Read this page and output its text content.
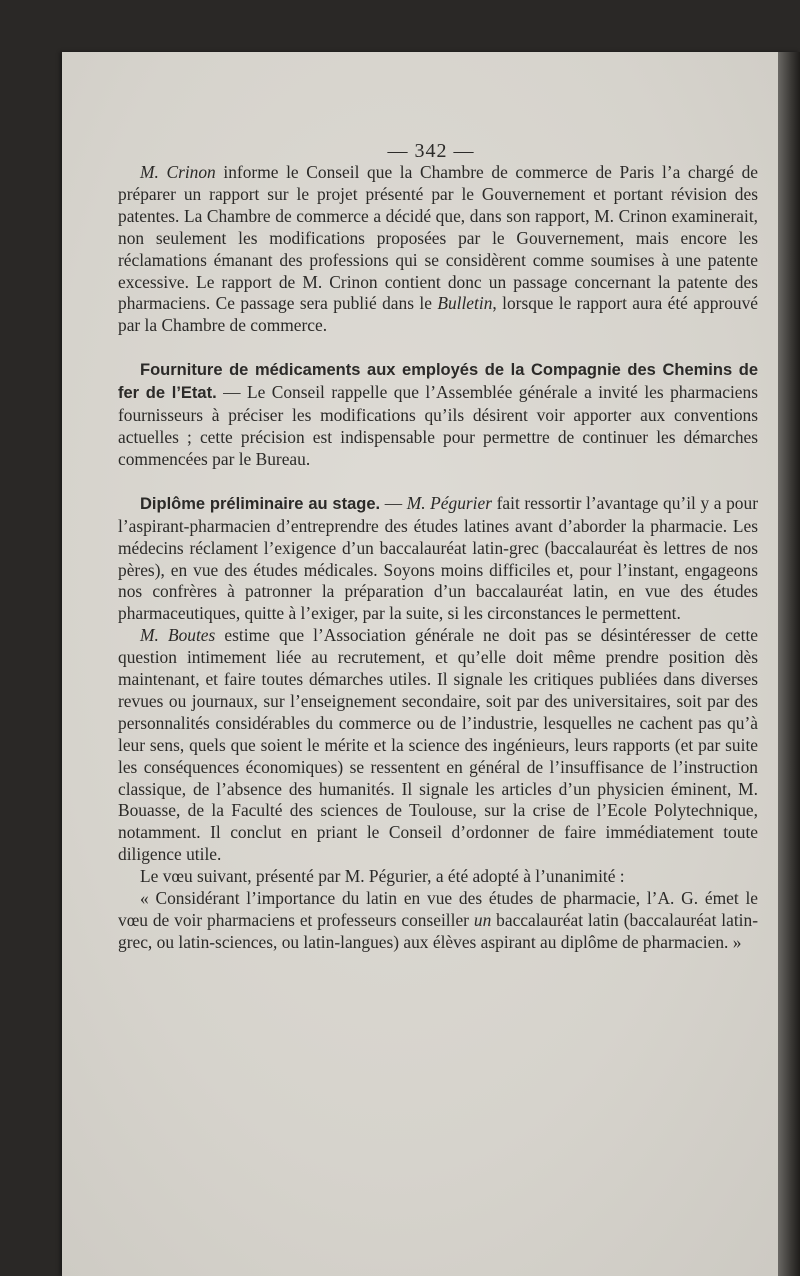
— 342 —

M. Crinon informe le Conseil que la Chambre de commerce de Paris l’a chargé de préparer un rapport sur le projet présenté par le Gouvernement et portant révision des patentes. La Chambre de commerce a décidé que, dans son rapport, M. Crinon examinerait, non seulement les modifications proposées par le Gouvernement, mais encore les réclamations émanant des professions qui se considèrent comme soumises à une patente excessive. Le rapport de M. Crinon contient donc un passage concernant la patente des pharmaciens. Ce passage sera publié dans le Bulletin, lorsque le rapport aura été approuvé par la Chambre de commerce.

Fourniture de médicaments aux employés de la Compagnie des Chemins de fer de l’Etat. — Le Conseil rappelle que l’Assemblée générale a invité les pharmaciens fournisseurs à préciser les modifications qu’ils désirent voir apporter aux conventions actuelles ; cette précision est indispensable pour permettre de continuer les démarches commencées par le Bureau.

Diplôme préliminaire au stage. — M. Pégurier fait ressortir l’avantage qu’il y a pour l’aspirant-pharmacien d’entreprendre des études latines avant d’aborder la pharmacie. Les médecins réclament l’exigence d’un baccalauréat latin-grec (baccalauréat ès lettres de nos pères), en vue des études médicales. Soyons moins difficiles et, pour l’instant, engageons nos confrères à patronner la préparation d’un baccalauréat latin, en vue des études pharmaceutiques, quitte à l’exiger, par la suite, si les circonstances le permettent.

M. Boutes estime que l’Association générale ne doit pas se désintéresser de cette question intimement liée au recrutement, et qu’elle doit même prendre position dès maintenant, et faire toutes démarches utiles. Il signale les critiques publiées dans diverses revues ou journaux, sur l’enseignement secondaire, soit par des universitaires, soit par des personnalités considérables du commerce ou de l’industrie, lesquelles ne cachent pas qu’à leur sens, quels que soient le mérite et la science des ingénieurs, leurs rapports (et par suite les conséquences économiques) se ressentent en général de l’insuffisance de l’instruction classique, de l’absence des humanités. Il signale les articles d’un physicien éminent, M. Bouasse, de la Faculté des sciences de Toulouse, sur la crise de l’Ecole Polytechnique, notamment. Il conclut en priant le Conseil d’ordonner de faire immédiatement toute diligence utile.

Le vœu suivant, présenté par M. Pégurier, a été adopté à l’unanimité :

« Considérant l’importance du latin en vue des études de pharmacie, l’A. G. émet le vœu de voir pharmaciens et professeurs conseiller un baccalauréat latin (baccalauréat latin-grec, ou latin-sciences, ou latin-langues) aux élèves aspirant au diplôme de pharmacien. »
